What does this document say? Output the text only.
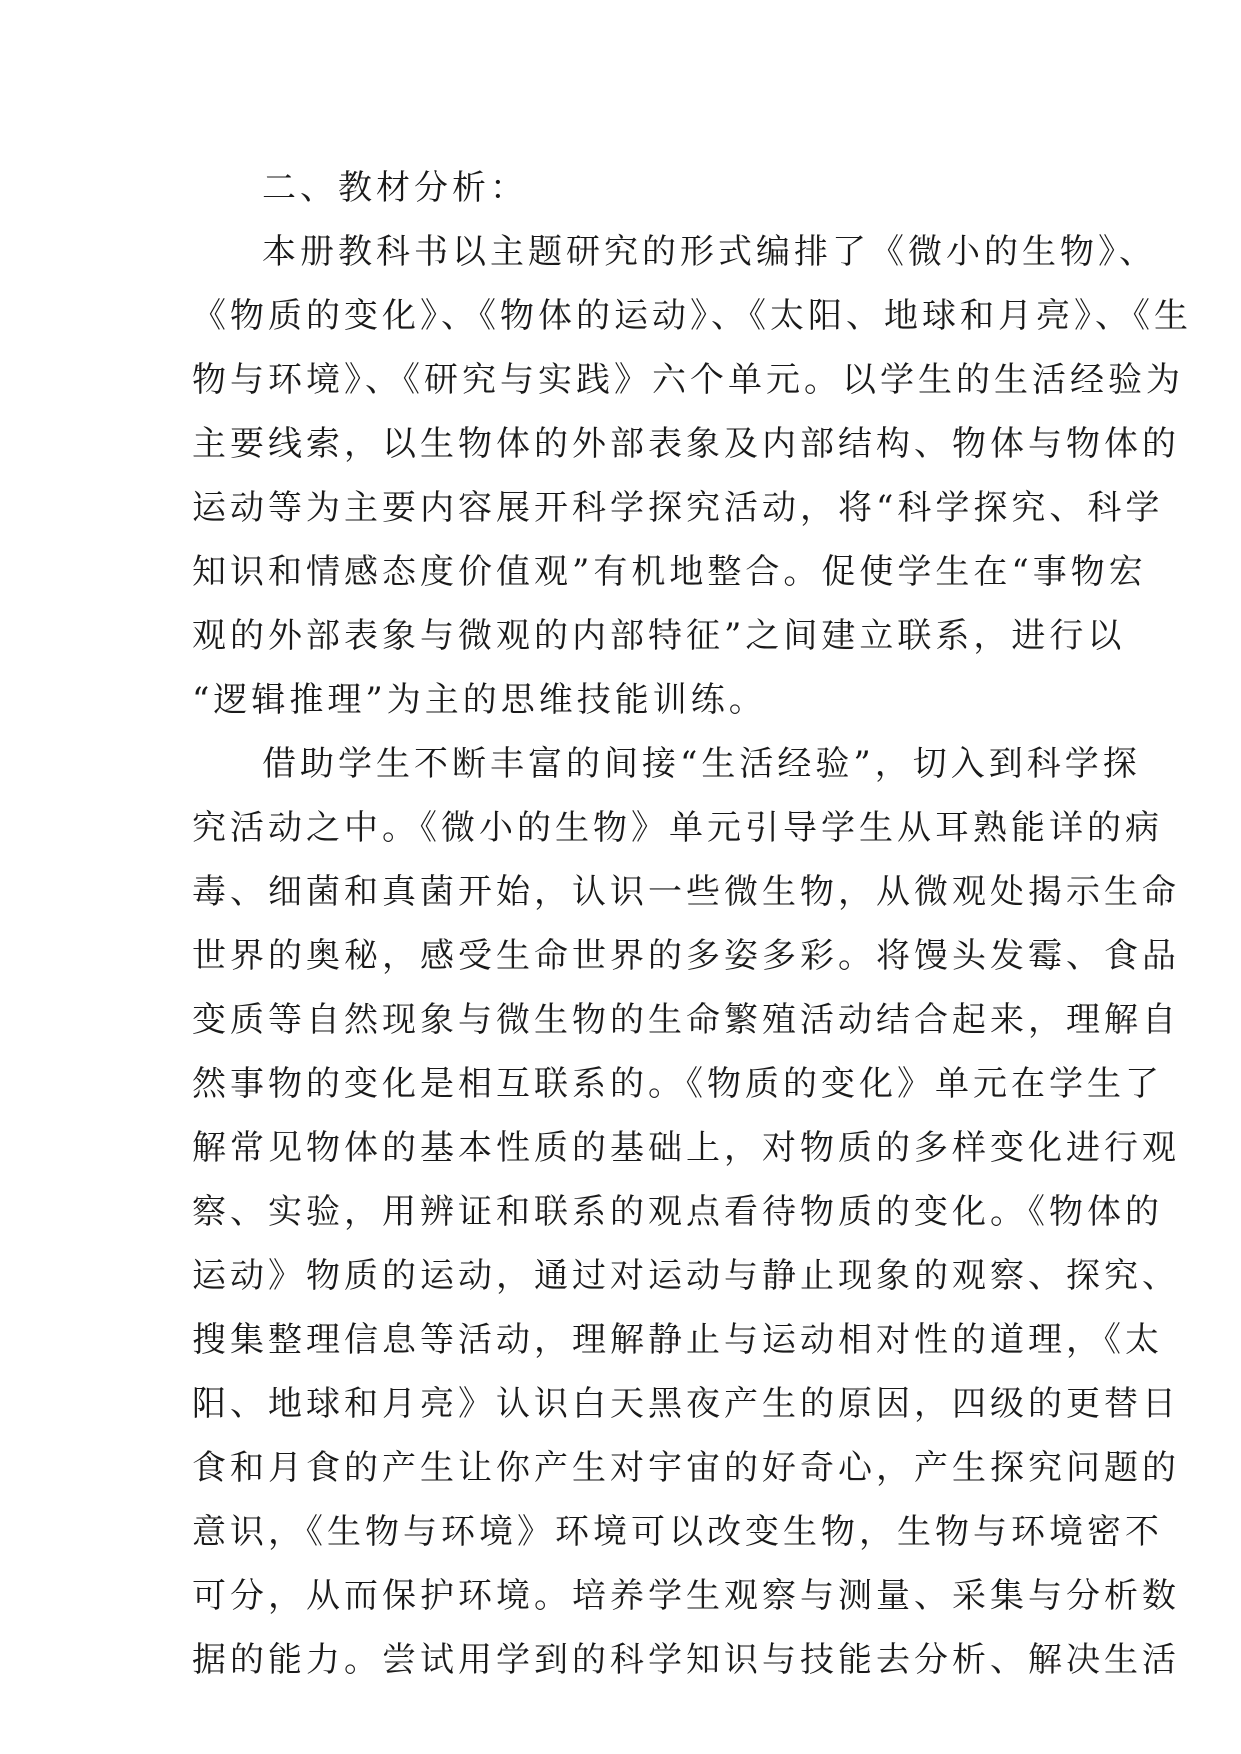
二、教材分析：
本册教科书以主题研究的形式编排了《微小的生物》、
《物质的变化》、《物体的运动》、《太阳、地球和月亮》、《生
物与环境》、《研究与实践》六个单元。以学生的生活经验为
主要线索，以生物体的外部表象及内部结构、物体与物体的
运动等为主要内容展开科学探究活动，将“科学探究、科学
知识和情感态度价值观”有机地整合。促使学生在“事物宏
观的外部表象与微观的内部特征”之间建立联系，进行以
“逻辑推理”为主的思维技能训练。
借助学生不断丰富的间接“生活经验”，切入到科学探
究活动之中。《微小的生物》单元引导学生从耳熟能详的病
毒、细菌和真菌开始，认识一些微生物，从微观处揭示生命
世界的奥秘，感受生命世界的多姿多彩。将馒头发霉、食品
变质等自然现象与微生物的生命繁殖活动结合起来，理解自
然事物的变化是相互联系的。《物质的变化》单元在学生了
解常见物体的基本性质的基础上，对物质的多样变化进行观
察、实验，用辨证和联系的观点看待物质的变化。《物体的
运动》物质的运动，通过对运动与静止现象的观察、探究、
搜集整理信息等活动，理解静止与运动相对性的道理，《太
阳、地球和月亮》认识白天黑夜产生的原因，四级的更替日
食和月食的产生让你产生对宇宙的好奇心，产生探究问题的
意识，《生物与环境》环境可以改变生物，生物与环境密不
可分，从而保护环境。培养学生观察与测量、采集与分析数
据的能力。尝试用学到的科学知识与技能去分析、解决生活
